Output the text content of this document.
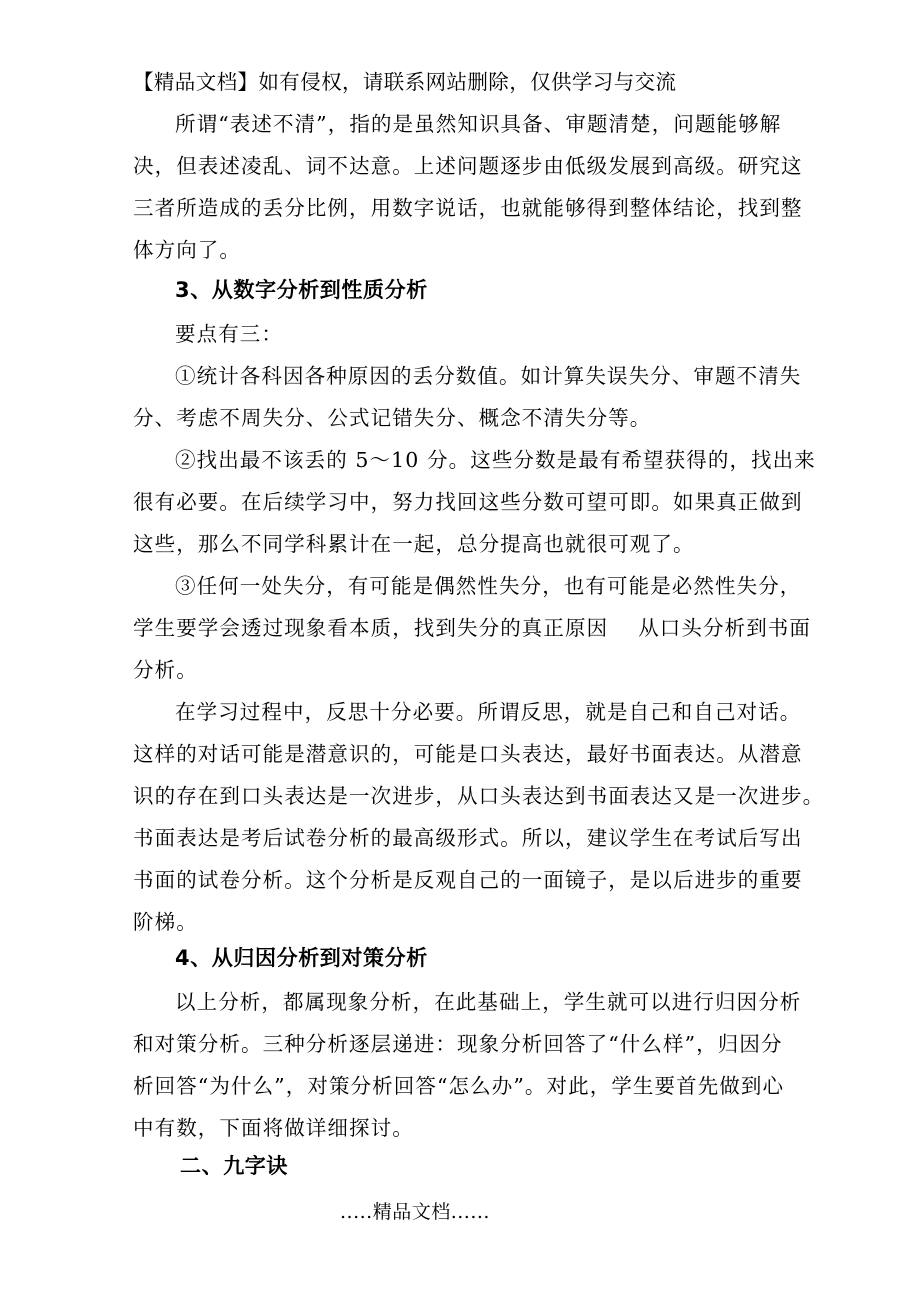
【精品文档】如有侵权，请联系网站删除，仅供学习与交流
所谓“表述不清”，指的是虽然知识具备、审题清楚，问题能够解
决，但表述凌乱、词不达意。上述问题逐步由低级发展到高级。研究这
三者所造成的丢分比例，用数字说话，也就能够得到整体结论，找到整
体方向了。
3、从数字分析到性质分析
要点有三：
①统计各科因各种原因的丢分数值。如计算失误失分、审题不清失
分、考虑不周失分、公式记错失分、概念不清失分等。
②找出最不该丢的 5～10 分。这些分数是最有希望获得的，找出来
很有必要。在后续学习中，努力找回这些分数可望可即。如果真正做到
这些，那么不同学科累计在一起，总分提高也就很可观了。
③任何一处失分，有可能是偶然性失分，也有可能是必然性失分，
学生要学会透过现象看本质，找到失分的真正原因 从口头分析到书面
分析。
在学习过程中，反思十分必要。所谓反思，就是自己和自己对话。
这样的对话可能是潜意识的，可能是口头表达，最好书面表达。从潜意
识的存在到口头表达是一次进步，从口头表达到书面表达又是一次进步。
书面表达是考后试卷分析的最高级形式。所以，建议学生在考试后写出
书面的试卷分析。这个分析是反观自己的一面镜子，是以后进步的重要
阶梯。
4、从归因分析到对策分析
以上分析，都属现象分析，在此基础上，学生就可以进行归因分析
和对策分析。三种分析逐层递进：现象分析回答了“什么样”，归因分
析回答“为什么”，对策分析回答“怎么办”。对此，学生要首先做到心
中有数，下面将做详细探讨。
二、九字诀
.....精品文档......
